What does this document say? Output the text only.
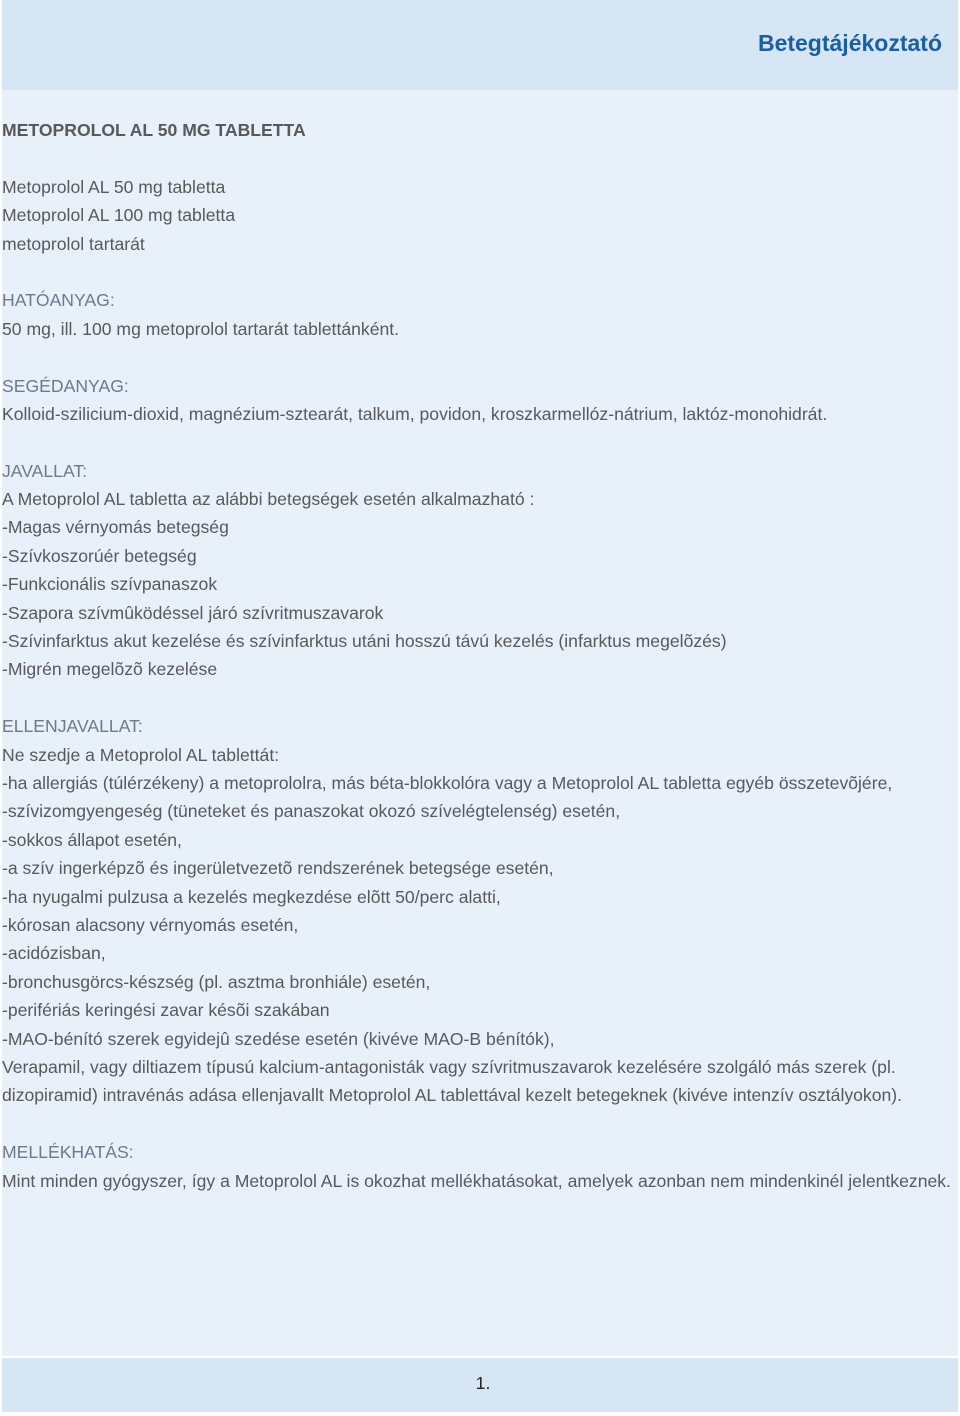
Betegtájékoztató
METOPROLOL AL 50 MG TABLETTA
Metoprolol AL 50 mg tabletta
Metoprolol AL 100 mg tabletta
metoprolol tartarát
HATÓANYAG:
50 mg, ill. 100 mg metoprolol tartarát tablettánként.
SEGÉDANYAG:
Kolloid-szilicium-dioxid, magnézium-sztearát, talkum, povidon, kroszkarmellóz-nátrium, laktóz-monohidrát.
JAVALLAT:
A Metoprolol AL tabletta az alábbi betegségek esetén alkalmazható :
-Magas vérnyomás betegség
-Szívkoszorúér betegség
-Funkcionális szívpanaszok
-Szapora szívmûködéssel járó szívritmuszavarok
-Szívinfarktus akut kezelése és szívinfarktus utáni hosszú távú kezelés (infarktus megelõzés)
-Migrén megelõzõ kezelése
ELLENJAVALLAT:
Ne szedje a Metoprolol AL tablettát:
-ha allergiás (túlérzékeny) a metoprololra, más béta-blokkolóra vagy a Metoprolol AL tabletta egyéb összetevõjére,
-szívizomgyengeség (tüneteket és panaszokat okozó szívelégtelenség) esetén,
-sokkos állapot esetén,
-a szív ingerképzõ és ingerületvezetõ rendszerének betegsége esetén,
-ha nyugalmi pulzusa a kezelés megkezdése elõtt 50/perc alatti,
-kórosan alacsony vérnyomás esetén,
-acidózisban,
-bronchusgörcs-készség (pl. asztma bronhiále) esetén,
-perifériás keringési zavar késõi szakában
-MAO-bénító szerek egyidejû szedése esetén (kivéve MAO-B bénítók),
Verapamil, vagy diltiazem típusú kalcium-antagonisták vagy szívritmuszavarok kezelésére szolgáló más szerek (pl. dizopiramid) intravénás adása ellenjavallt Metoprolol AL tablettával kezelt betegeknek (kivéve intenzív osztályokon).
MELLÉKHATÁS:
Mint minden gyógyszer, így a Metoprolol AL is okozhat mellékhatásokat, amelyek azonban nem mindenkinél jelentkeznek.
1.
